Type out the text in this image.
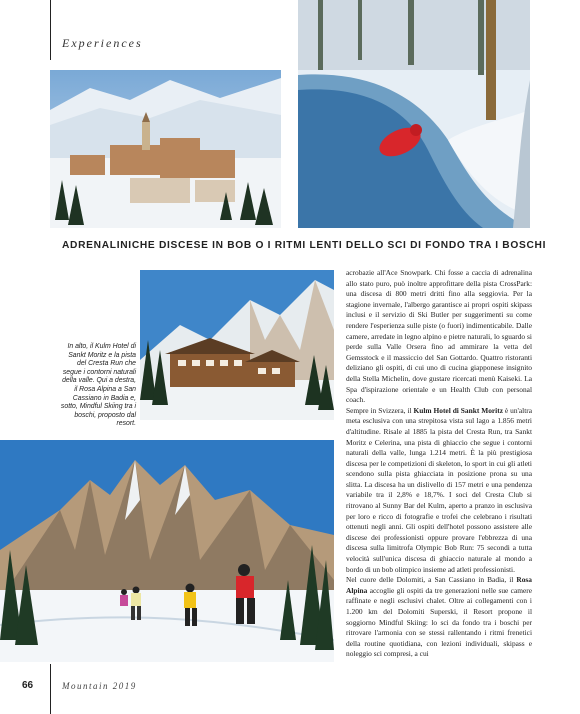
Experiences
ADRENALINICHE DISCESE IN BOB O I RITMI LENTI DELLO SCI DI FONDO TRA I BOSCHI
In alto, il Kulm Hotel di Sankt Moritz e la pista del Cresta Run che segue i contorni naturali della valle. Qui a destra, il Rosa Alpina a San Cassiano in Badia e, sotto, Mindful Skiing tra i boschi, proposto dal resort.

acrobazie all'Ace Snowpark. Chi fosse a caccia di adrenalina allo stato puro, può inoltre approfittare della pista CrossPark: una discesa di 800 metri dritti fino alla seggiovia. Per la stagione invernale, l'albergo garantisce ai propri ospiti skipass inclusi e il servizio di Ski Butler per suggerimenti su come rendere l'esperienza sulle piste (o fuori) indimenticabile. Dalle camere, arredate in legno alpino e pietre naturali, lo sguardo si perde sulla Valle Orsera fino ad ammirare la vetta del Gemsstock e il massiccio del San Gottardo. Quattro ristoranti deliziano gli ospiti, di cui uno di cucina giapponese insignito della Stella Michelin, dove gustare ricercati menù Kaiseki. La Spa d'ispirazione orientale e un Health Club con personal coach.

Sempre in Svizzera, il Kulm Hotel di Sankt Moritz è un'altra meta esclusiva con una strepitosa vista sul lago a 1.856 metri d'altitudine. Risale al 1885 la pista del Cresta Run, tra Sankt Moritz e Celerina, una pista di ghiaccio che segue i contorni naturali della valle, lunga 1.214 metri. È la più prestigiosa discesa per le competizioni di skeleton, lo sport in cui gli atleti scendono sulla pista ghiacciata in posizione prona su una slitta. La discesa ha un dislivello di 157 metri e una pendenza variabile tra il 2,8% e 18,7%. I soci del Cresta Club si ritrovano al Sunny Bar del Kulm, aperto a pranzo in esclusiva per loro e ricco di fotografie e trofei che celebrano i risultati ottenuti negli anni. Gli ospiti dell'hotel possono assistere alle discese dei professionisti oppure provare l'ebbrezza di una discesa sulla limitrofa Olympic Bob Run: 75 secondi a tutta velocità sull'unica discesa di ghiaccio naturale al mondo a bordo di un bob olimpico insieme ad atleti professionisti.

Nel cuore delle Dolomiti, a San Cassiano in Badia, il Rosa Alpina accoglie gli ospiti da tre generazioni nelle sue camere raffinate e negli esclusivi chalet. Oltre ai collegamenti con i 1.200 km del Dolomiti Superski, il Resort propone il soggiorno Mindful Skiing: lo sci da fondo tra i boschi per ritrovare l'armonia con se stessi rallentando i ritmi frenetici della routine quotidiana, con lezioni individuali, skipass e noleggio sci compresi, a cui

66	Mountain 2019
